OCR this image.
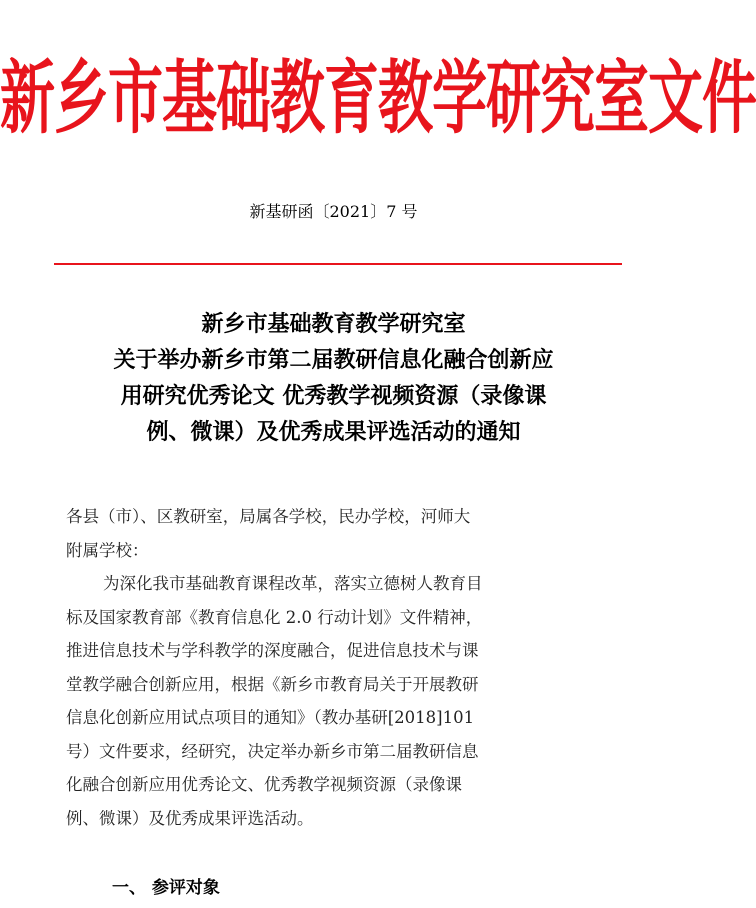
新乡市基础教育教学研究室文件
新基研函〔2021〕7 号
新乡市基础教育教学研究室
关于举办新乡市第二届教研信息化融合创新应
用研究优秀论文 优秀教学视频资源（录像课
例、微课）及优秀成果评选活动的通知
各县（市）、区教研室，局属各学校，民办学校，河师大
附属学校：
为深化我市基础教育课程改革，落实立德树人教育目
标及国家教育部《教育信息化 2.0 行动计划》文件精神，
推进信息技术与学科教学的深度融合，促进信息技术与课
堂教学融合创新应用，根据《新乡市教育局关于开展教研
信息化创新应用试点项目的通知》（教办基研[2018]101
号）文件要求，经研究，决定举办新乡市第二届教研信息
化融合创新应用优秀论文、优秀教学视频资源（录像课
例、微课）及优秀成果评选活动。
一、 参评对象
